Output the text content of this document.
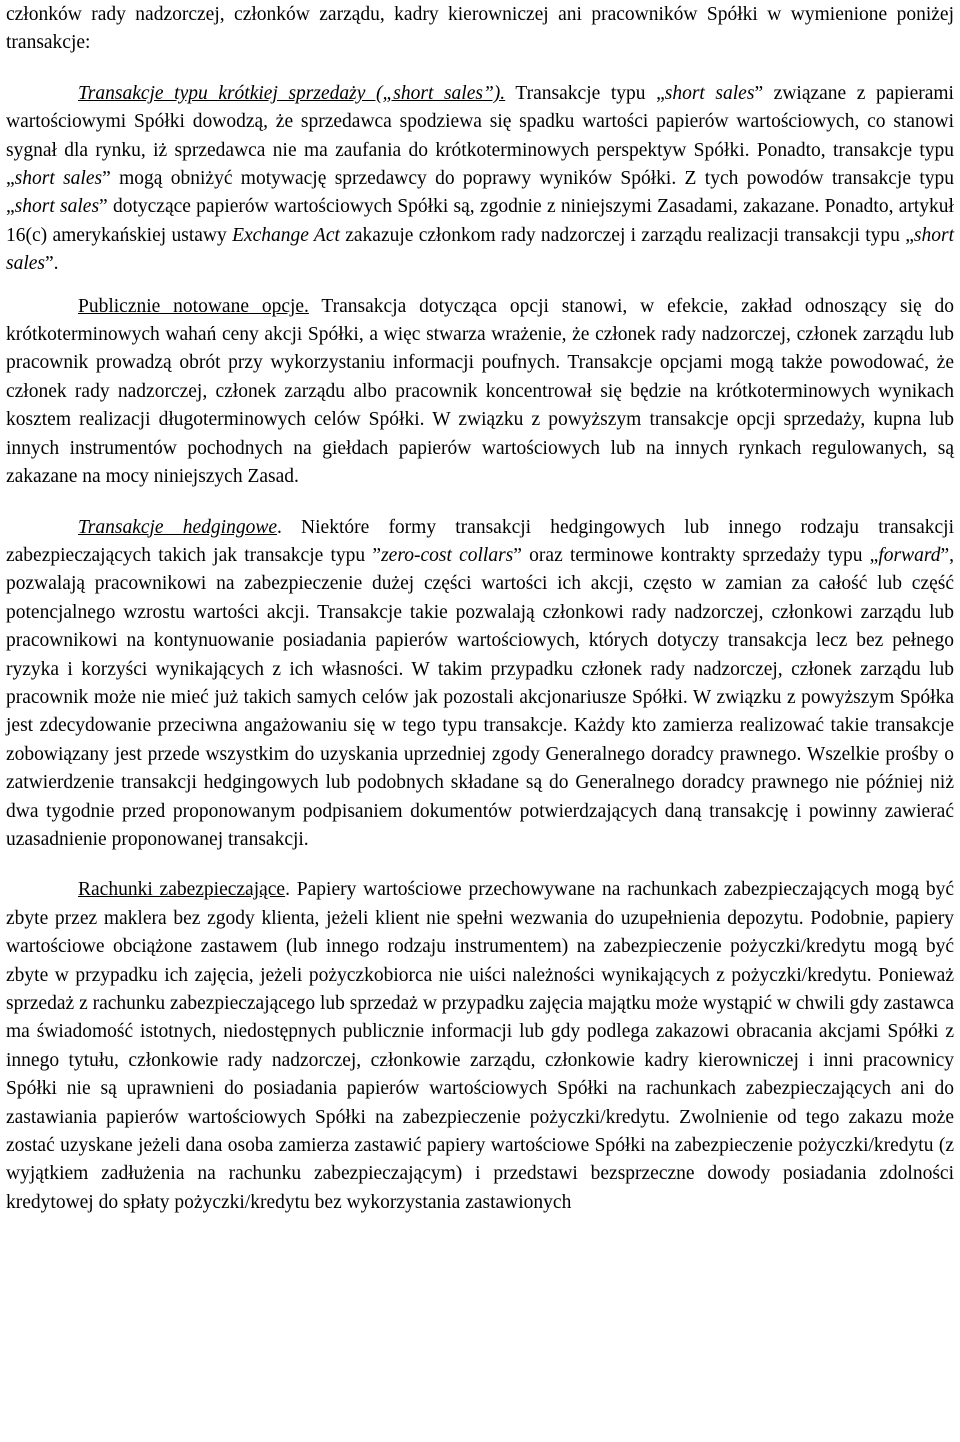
członków rady nadzorczej, członków zarządu, kadry kierowniczej ani pracowników Spółki w wymienione poniżej transakcje:

Transakcje typu krótkiej sprzedaży („short sales”). Transakcje typu „short sales” związane z papierami wartościowymi Spółki dowodzą, że sprzedawca spodziewa się spadku wartości papierów wartościowych, co stanowi sygnał dla rynku, iż sprzedawca nie ma zaufania do krótkoterminowych perspektyw Spółki. Ponadto, transakcje typu „short sales” mogą obniżyć motywację sprzedawcy do poprawy wyników Spółki. Z tych powodów transakcje typu „short sales” dotyczące papierów wartościowych Spółki są, zgodnie z niniejszymi Zasadami, zakazane. Ponadto, artykuł 16(c) amerykańskiej ustawy Exchange Act zakazuje członkom rady nadzorczej i zarządu realizacji transakcji typu „short sales”.

Publicznie notowane opcje. Transakcja dotycząca opcji stanowi, w efekcie, zakład odnoszący się do krótkoterminowych wahań ceny akcji Spółki, a więc stwarza wrażenie, że członek rady nadzorczej, członek zarządu lub pracownik prowadzą obrót przy wykorzystaniu informacji poufnych. Transakcje opcjami mogą także powodować, że członek rady nadzorczej, członek zarządu albo pracownik koncentrował się będzie na krótkoterminowych wynikach kosztem realizacji długoterminowych celów Spółki. W związku z powyższym transakcje opcji sprzedaży, kupna lub innych instrumentów pochodnych na giełdach papierów wartościowych lub na innych rynkach regulowanych, są zakazane na mocy niniejszych Zasad.

Transakcje hedgingowe. Niektóre formy transakcji hedgingowych lub innego rodzaju transakcji zabezpieczających takich jak transakcje typu ”zero-cost collars” oraz terminowe kontrakty sprzedaży typu „forward”, pozwalają pracownikowi na zabezpieczenie dużej części wartości ich akcji, często w zamian za całość lub część potencjalnego wzrostu wartości akcji. Transakcje takie pozwalają członkowi rady nadzorczej, członkowi zarządu lub pracownikowi na kontynuowanie posiadania papierów wartościowych, których dotyczy transakcja lecz bez pełnego ryzyka i korzyści wynikających z ich własności. W takim przypadku członek rady nadzorczej, członek zarządu lub pracownik może nie mieć już takich samych celów jak pozostali akcjonariusze Spółki. W związku z powyższym Spółka jest zdecydowanie przeciwna angażowaniu się w tego typu transakcje. Każdy kto zamierza realizować takie transakcje zobowiązany jest przede wszystkim do uzyskania uprzedniej zgody Generalnego doradcy prawnego. Wszelkie prośby o zatwierdzenie transakcji hedgingowych lub podobnych składane są do Generalnego doradcy prawnego nie później niż dwa tygodnie przed proponowanym podpisaniem dokumentów potwierdzających daną transakcję i powinny zawierać uzasadnienie proponowanej transakcji.

Rachunki zabezpieczające. Papiery wartościowe przechowywane na rachunkach zabezpieczających mogą być zbyte przez maklera bez zgody klienta, jeżeli klient nie spełni wezwania do uzupełnienia depozytu. Podobnie, papiery wartościowe obciążone zastawem (lub innego rodzaju instrumentem) na zabezpieczenie pożyczki/kredytu mogą być zbyte w przypadku ich zajęcia, jeżeli pożyczkobiorca nie uiści należności wynikających z pożyczki/kredytu. Ponieważ sprzedaż z rachunku zabezpieczającego lub sprzedaż w przypadku zajęcia majątku może wystąpić w chwili gdy zastawca ma świadomość istotnych, niedostępnych publicznie informacji lub gdy podlega zakazowi obracania akcjami Spółki z innego tytułu, członkowie rady nadzorczej, członkowie zarządu, członkowie kadry kierowniczej i inni pracownicy Spółki nie są uprawnieni do posiadania papierów wartościowych Spółki na rachunkach zabezpieczających ani do zastawiania papierów wartościowych Spółki na zabezpieczenie pożyczki/kredytu. Zwolnienie od tego zakazu może zostać uzyskane jeżeli dana osoba zamierza zastawić papiery wartościowe Spółki na zabezpieczenie pożyczki/kredytu (z wyjątkiem zadłużenia na rachunku zabezpieczającym) i przedstawi bezsprzeczne dowody posiadania zdolności kredytowej do spłaty pożyczki/kredytu bez wykorzystania zastawionych
